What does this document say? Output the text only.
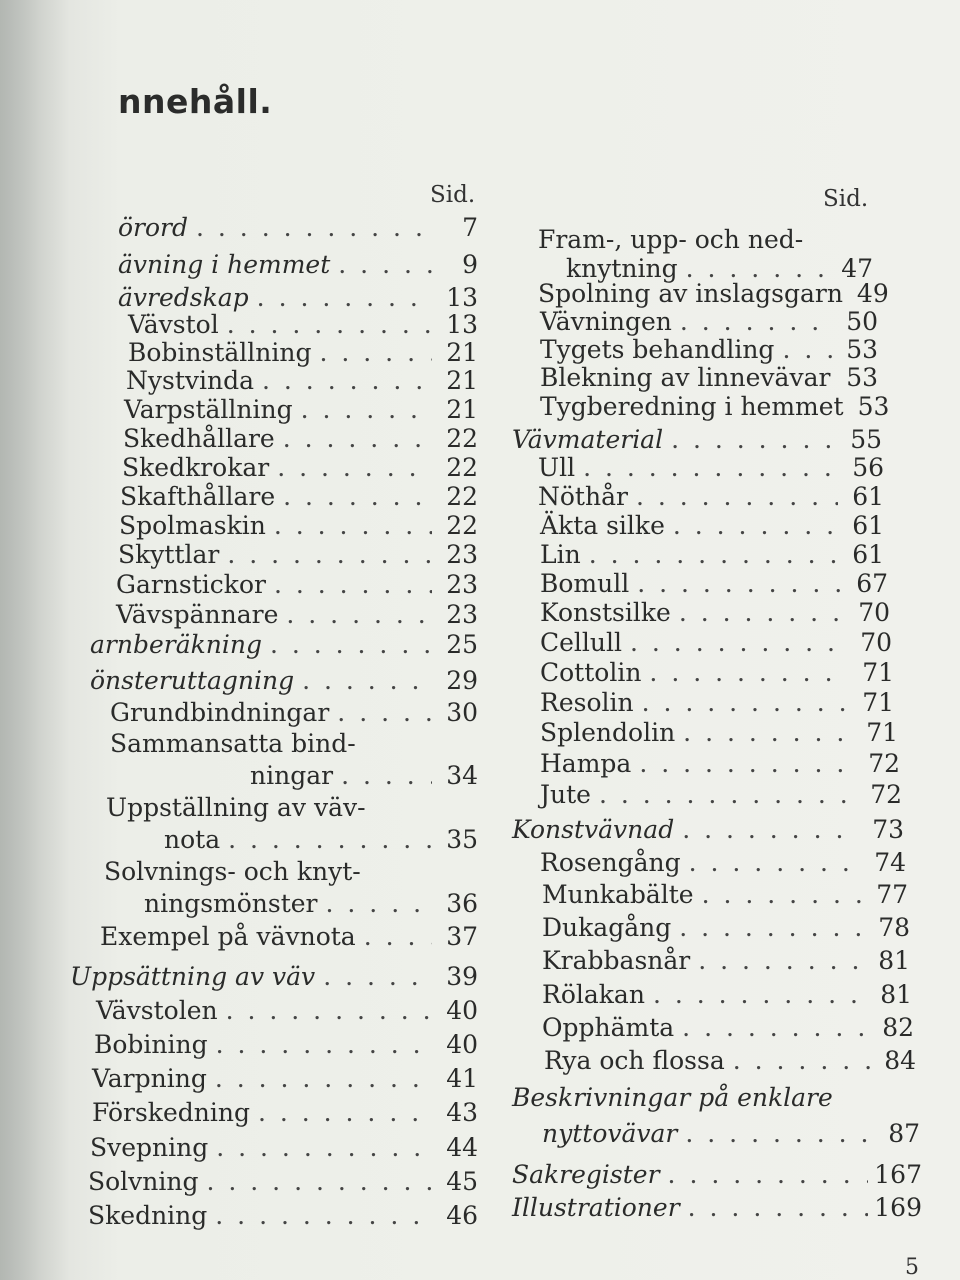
nnehåll.
Sid.	Sid.
örord . . .	7
ävning i hemmet . . .	9
ävredskap . . .	13
Vävstol . . .	13
Bobinställning . . .	21
Nystvinda . . .	21
Varpställning . . .	21
Skedhållare . . .	22
Skedkrokar . . .	22
Skafthållare . . .	22
Spolmaskin . . .	22
Skyttlar . . .	23
Garnstickor . . .	23
Vävspännare . . .	23
arnberäkning . . .	25
önsteruttagning . . .	29
Grundbindningar . . .	30
Sammansatta bind-
ningar . . .	34
Uppställning av väv-
nota . . .	35
Solvnings- och knyt-
ningsmönster . . .	36
Exempel på vävnota . . .	37
Uppsättning av väv . . .	39
Vävstolen . . .	40
Bobining . . .	40
Varpning . . .	41
Förskedning . . .	43
Svepning . . .	44
Solvning . . .	45
Skedning . . .	46
Fram-, upp- och ned-
knytning . . .	47
Spolning av inslagsgarn 49
Vävningen . . .	50
Tygets behandling . . .	53
Blekning av linnevävar 53
Tygberedning i hemmet 53
Vävmaterial . . .	55
Ull . . .	56
Nöthår . . .	61
Äkta silke . . .	61
Lin . . .	61
Bomull . . .	67
Konstsilke . . .	70
Cellull . . .	70
Cottolin . . .	71
Resolin . . .	71
Splendolin . . .	71
Hampa . . .	72
Jute . . .	72
Konstvävnad . . .	73
Rosengång . . .	74
Munkabälte . . .	77
Dukagång . . .	78
Krabbasnår . . .	81
Rölakan . . .	81
Opphämta . . .	82
Rya och flossa . . .	84
Beskrivningar på enklare
nyttovävar . . .	87
Sakregister . . .	167
Illustrationer . . .	169
5
